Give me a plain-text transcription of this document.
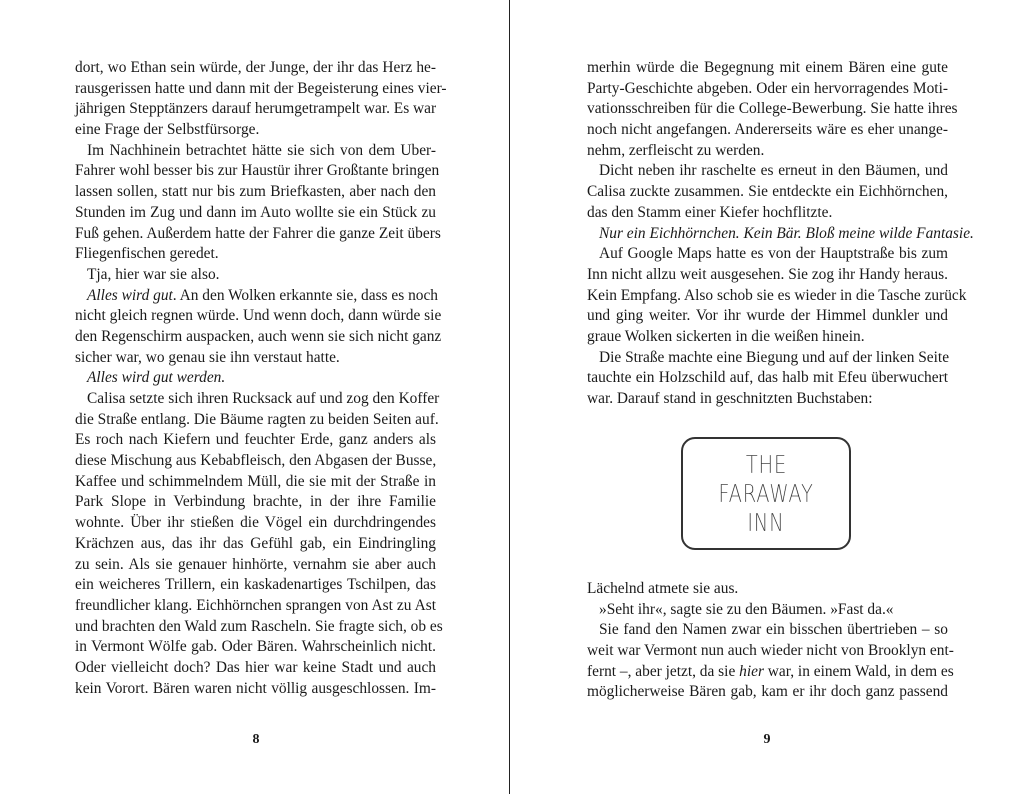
dort, wo Ethan sein würde, der Junge, der ihr das Herz he-
rausgerissen hatte und dann mit der Begeisterung eines vier-
jährigen Stepptänzers darauf herumgetrampelt war. Es war
eine Frage der Selbstfürsorge.
Im Nachhinein betrachtet hätte sie sich von dem Uber-
Fahrer wohl besser bis zur Haustür ihrer Großtante bringen
lassen sollen, statt nur bis zum Briefkasten, aber nach den
Stunden im Zug und dann im Auto wollte sie ein Stück zu
Fuß gehen. Außerdem hatte der Fahrer die ganze Zeit übers
Fliegenfischen geredet.
Tja, hier war sie also.
Alles wird gut. An den Wolken erkannte sie, dass es noch
nicht gleich regnen würde. Und wenn doch, dann würde sie
den Regenschirm auspacken, auch wenn sie sich nicht ganz
sicher war, wo genau sie ihn verstaut hatte.
Alles wird gut werden.
Calisa setzte sich ihren Rucksack auf und zog den Koffer
die Straße entlang. Die Bäume ragten zu beiden Seiten auf.
Es roch nach Kiefern und feuchter Erde, ganz anders als
diese Mischung aus Kebabfleisch, den Abgasen der Busse,
Kaffee und schimmelndem Müll, die sie mit der Straße in
Park Slope in Verbindung brachte, in der ihre Familie
wohnte. Über ihr stießen die Vögel ein durchdringendes
Krächzen aus, das ihr das Gefühl gab, ein Eindringling
zu sein. Als sie genauer hinhörte, vernahm sie aber auch
ein weicheres Trillern, ein kaskadenartiges Tschilpen, das
freundlicher klang. Eichhörnchen sprangen von Ast zu Ast
und brachten den Wald zum Rascheln. Sie fragte sich, ob es
in Vermont Wölfe gab. Oder Bären. Wahrscheinlich nicht.
Oder vielleicht doch? Das hier war keine Stadt und auch
kein Vorort. Bären waren nicht völlig ausgeschlossen. Im-
8
merhin würde die Begegnung mit einem Bären eine gute
Party-Geschichte abgeben. Oder ein hervorragendes Moti-
vationsschreiben für die College-Bewerbung. Sie hatte ihres
noch nicht angefangen. Andererseits wäre es eher unange-
nehm, zerfleischt zu werden.
Dicht neben ihr raschelte es erneut in den Bäumen, und
Calisa zuckte zusammen. Sie entdeckte ein Eichhörnchen,
das den Stamm einer Kiefer hochflitzte.
Nur ein Eichhörnchen. Kein Bär. Bloß meine wilde Fantasie.
Auf Google Maps hatte es von der Hauptstraße bis zum
Inn nicht allzu weit ausgesehen. Sie zog ihr Handy heraus.
Kein Empfang. Also schob sie es wieder in die Tasche zurück
und ging weiter. Vor ihr wurde der Himmel dunkler und
graue Wolken sickerten in die weißen hinein.
Die Straße machte eine Biegung und auf der linken Seite
tauchte ein Holzschild auf, das halb mit Efeu überwuchert
war. Darauf stand in geschnitzten Buchstaben:
THE
FARAWAY
INN
Lächelnd atmete sie aus.
»Seht ihr«, sagte sie zu den Bäumen. »Fast da.«
Sie fand den Namen zwar ein bisschen übertrieben – so
weit war Vermont nun auch wieder nicht von Brooklyn ent-
fernt –, aber jetzt, da sie hier war, in einem Wald, in dem es
möglicherweise Bären gab, kam er ihr doch ganz passend
9
